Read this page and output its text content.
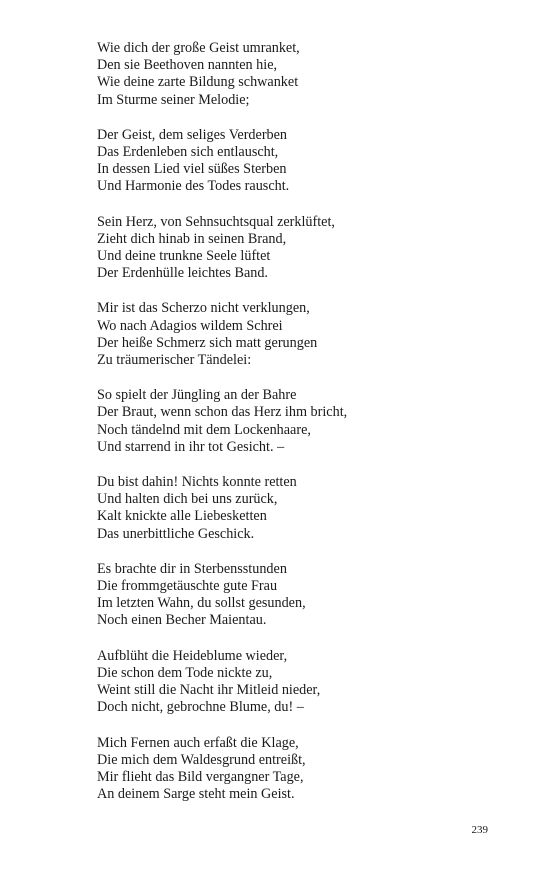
Wie dich der große Geist umranket,
Den sie Beethoven nannten hie,
Wie deine zarte Bildung schwanket
Im Sturme seiner Melodie;
Der Geist, dem seliges Verderben
Das Erdenleben sich entlauscht,
In dessen Lied viel süßes Sterben
Und Harmonie des Todes rauscht.
Sein Herz, von Sehnsuchtsqual zerklüftet,
Zieht dich hinab in seinen Brand,
Und deine trunkne Seele lüftet
Der Erdenhülle leichtes Band.
Mir ist das Scherzo nicht verklungen,
Wo nach Adagios wildem Schrei
Der heiße Schmerz sich matt gerungen
Zu träumerischer Tändelei:
So spielt der Jüngling an der Bahre
Der Braut, wenn schon das Herz ihm bricht,
Noch tändelnd mit dem Lockenhaare,
Und starrend in ihr tot Gesicht. –
Du bist dahin! Nichts konnte retten
Und halten dich bei uns zurück,
Kalt knickte alle Liebesketten
Das unerbittliche Geschick.
Es brachte dir in Sterbensstunden
Die frommgetäuschte gute Frau
Im letzten Wahn, du sollst gesunden,
Noch einen Becher Maientau.
Aufblüht die Heideblume wieder,
Die schon dem Tode nickte zu,
Weint still die Nacht ihr Mitleid nieder,
Doch nicht, gebrochne Blume, du! –
Mich Fernen auch erfaßt die Klage,
Die mich dem Waldesgrund entreißt,
Mir flieht das Bild vergangner Tage,
An deinem Sarge steht mein Geist.
239
